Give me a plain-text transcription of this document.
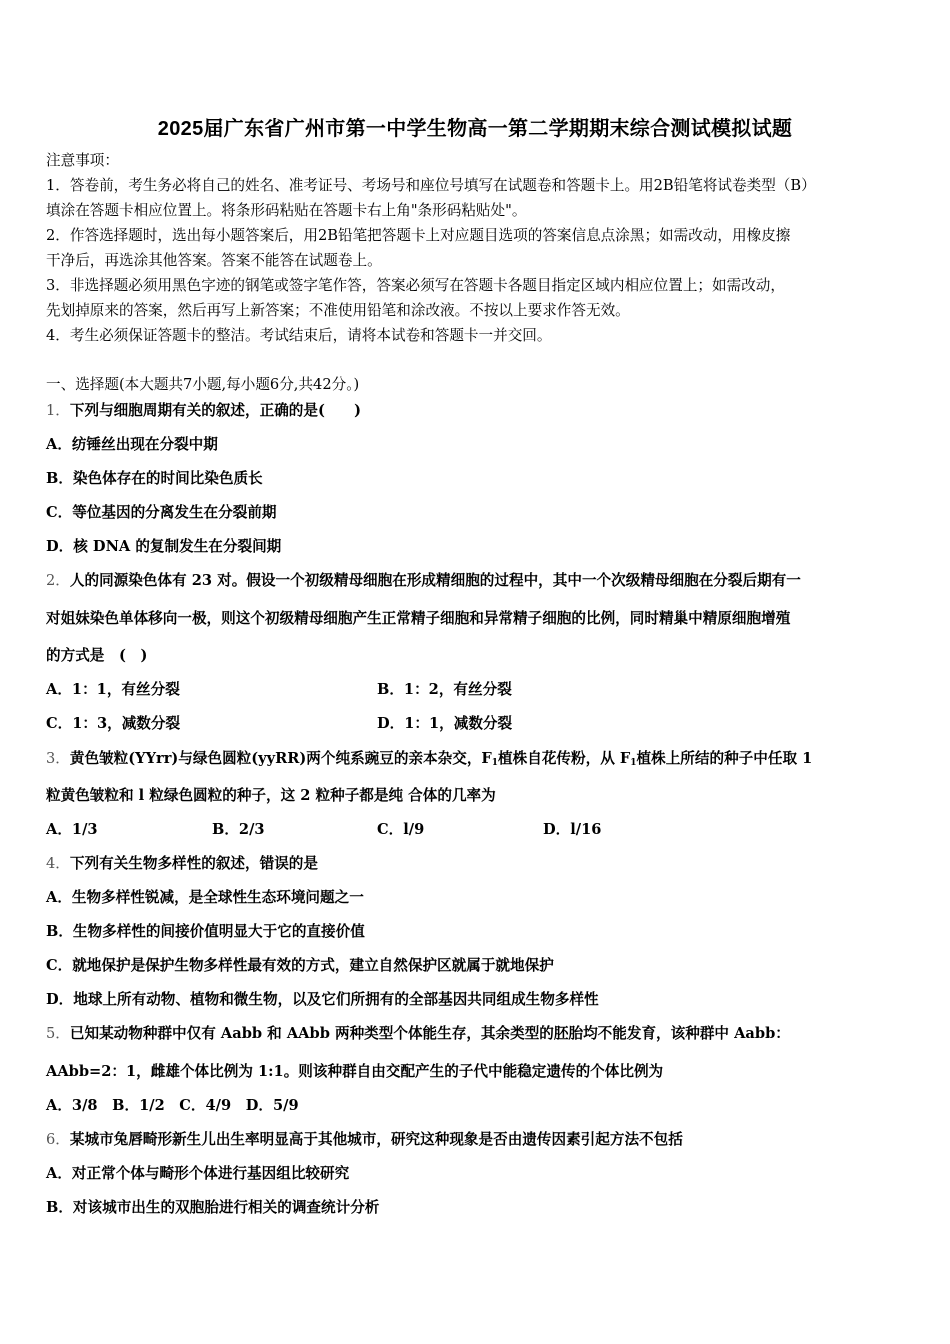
2025届广东省广州市第一中学生物高一第二学期期末综合测试模拟试题
注意事项：
1．答卷前，考生务必将自己的姓名、准考证号、考场号和座位号填写在试题卷和答题卡上。用2B铅笔将试卷类型（B）
填涂在答题卡相应位置上。将条形码粘贴在答题卡右上角"条形码粘贴处"。
2．作答选择题时，选出每小题答案后，用2B铅笔把答题卡上对应题目选项的答案信息点涂黑；如需改动，用橡皮擦
干净后，再选涂其他答案。答案不能答在试题卷上。
3．非选择题必须用黑色字迹的钢笔或签字笔作答，答案必须写在答题卡各题目指定区域内相应位置上；如需改动，
先划掉原来的答案，然后再写上新答案；不准使用铅笔和涂改液。不按以上要求作答无效。
4．考生必须保证答题卡的整洁。考试结束后，请将本试卷和答题卡一并交回。
一、选择题(本大题共7小题,每小题6分,共42分。)
1．下列与细胞周期有关的叙述，正确的是(　　)
A．纺锤丝出现在分裂中期
B．染色体存在的时间比染色质长
C．等位基因的分离发生在分裂前期
D．核 DNA 的复制发生在分裂间期
2．人的同源染色体有 23 对。假设一个初级精母细胞在形成精细胞的过程中，其中一个次级精母细胞在分裂后期有一
对姐妹染色单体移向一极，则这个初级精母细胞产生正常精子细胞和异常精子细胞的比例，同时精巢中精原细胞增殖
的方式是　(　)
A．1：1，有丝分裂	B．1：2，有丝分裂
C．1：3，减数分裂	D．1：1，减数分裂
3．黄色皱粒(YYrr)与绿色圆粒(yyRR)两个纯系豌豆的亲本杂交，$F_1$植株自花传粉，从 $F_1$植株上所结的种子中任取 1
粒黄色皱粒和 l 粒绿色圆粒的种子，这 2 粒种子都是纯 合体的几率为
A．1/3	B．2/3	C．l/9	D．l/16
4．下列有关生物多样性的叙述，错误的是
A．生物多样性锐减，是全球性生态环境问题之一
B．生物多样性的间接价值明显大于它的直接价值
C．就地保护是保护生物多样性最有效的方式，建立自然保护区就属于就地保护
D．地球上所有动物、植物和微生物，以及它们所拥有的全部基因共同组成生物多样性
5．已知某动物种群中仅有 Aabb 和 AAbb 两种类型个体能生存，其余类型的胚胎均不能发育，该种群中 Aabb：
AAbb=2：1，雌雄个体比例为 1:1。则该种群自由交配产生的子代中能稳定遗传的个体比例为
A．3/8　B．1/2　C．4/9　D．5/9
6．某城市兔唇畸形新生儿出生率明显高于其他城市，研究这种现象是否由遗传因素引起方法不包括
A．对正常个体与畸形个体进行基因组比较研究
B．对该城市出生的双胞胎进行相关的调查统计分析
